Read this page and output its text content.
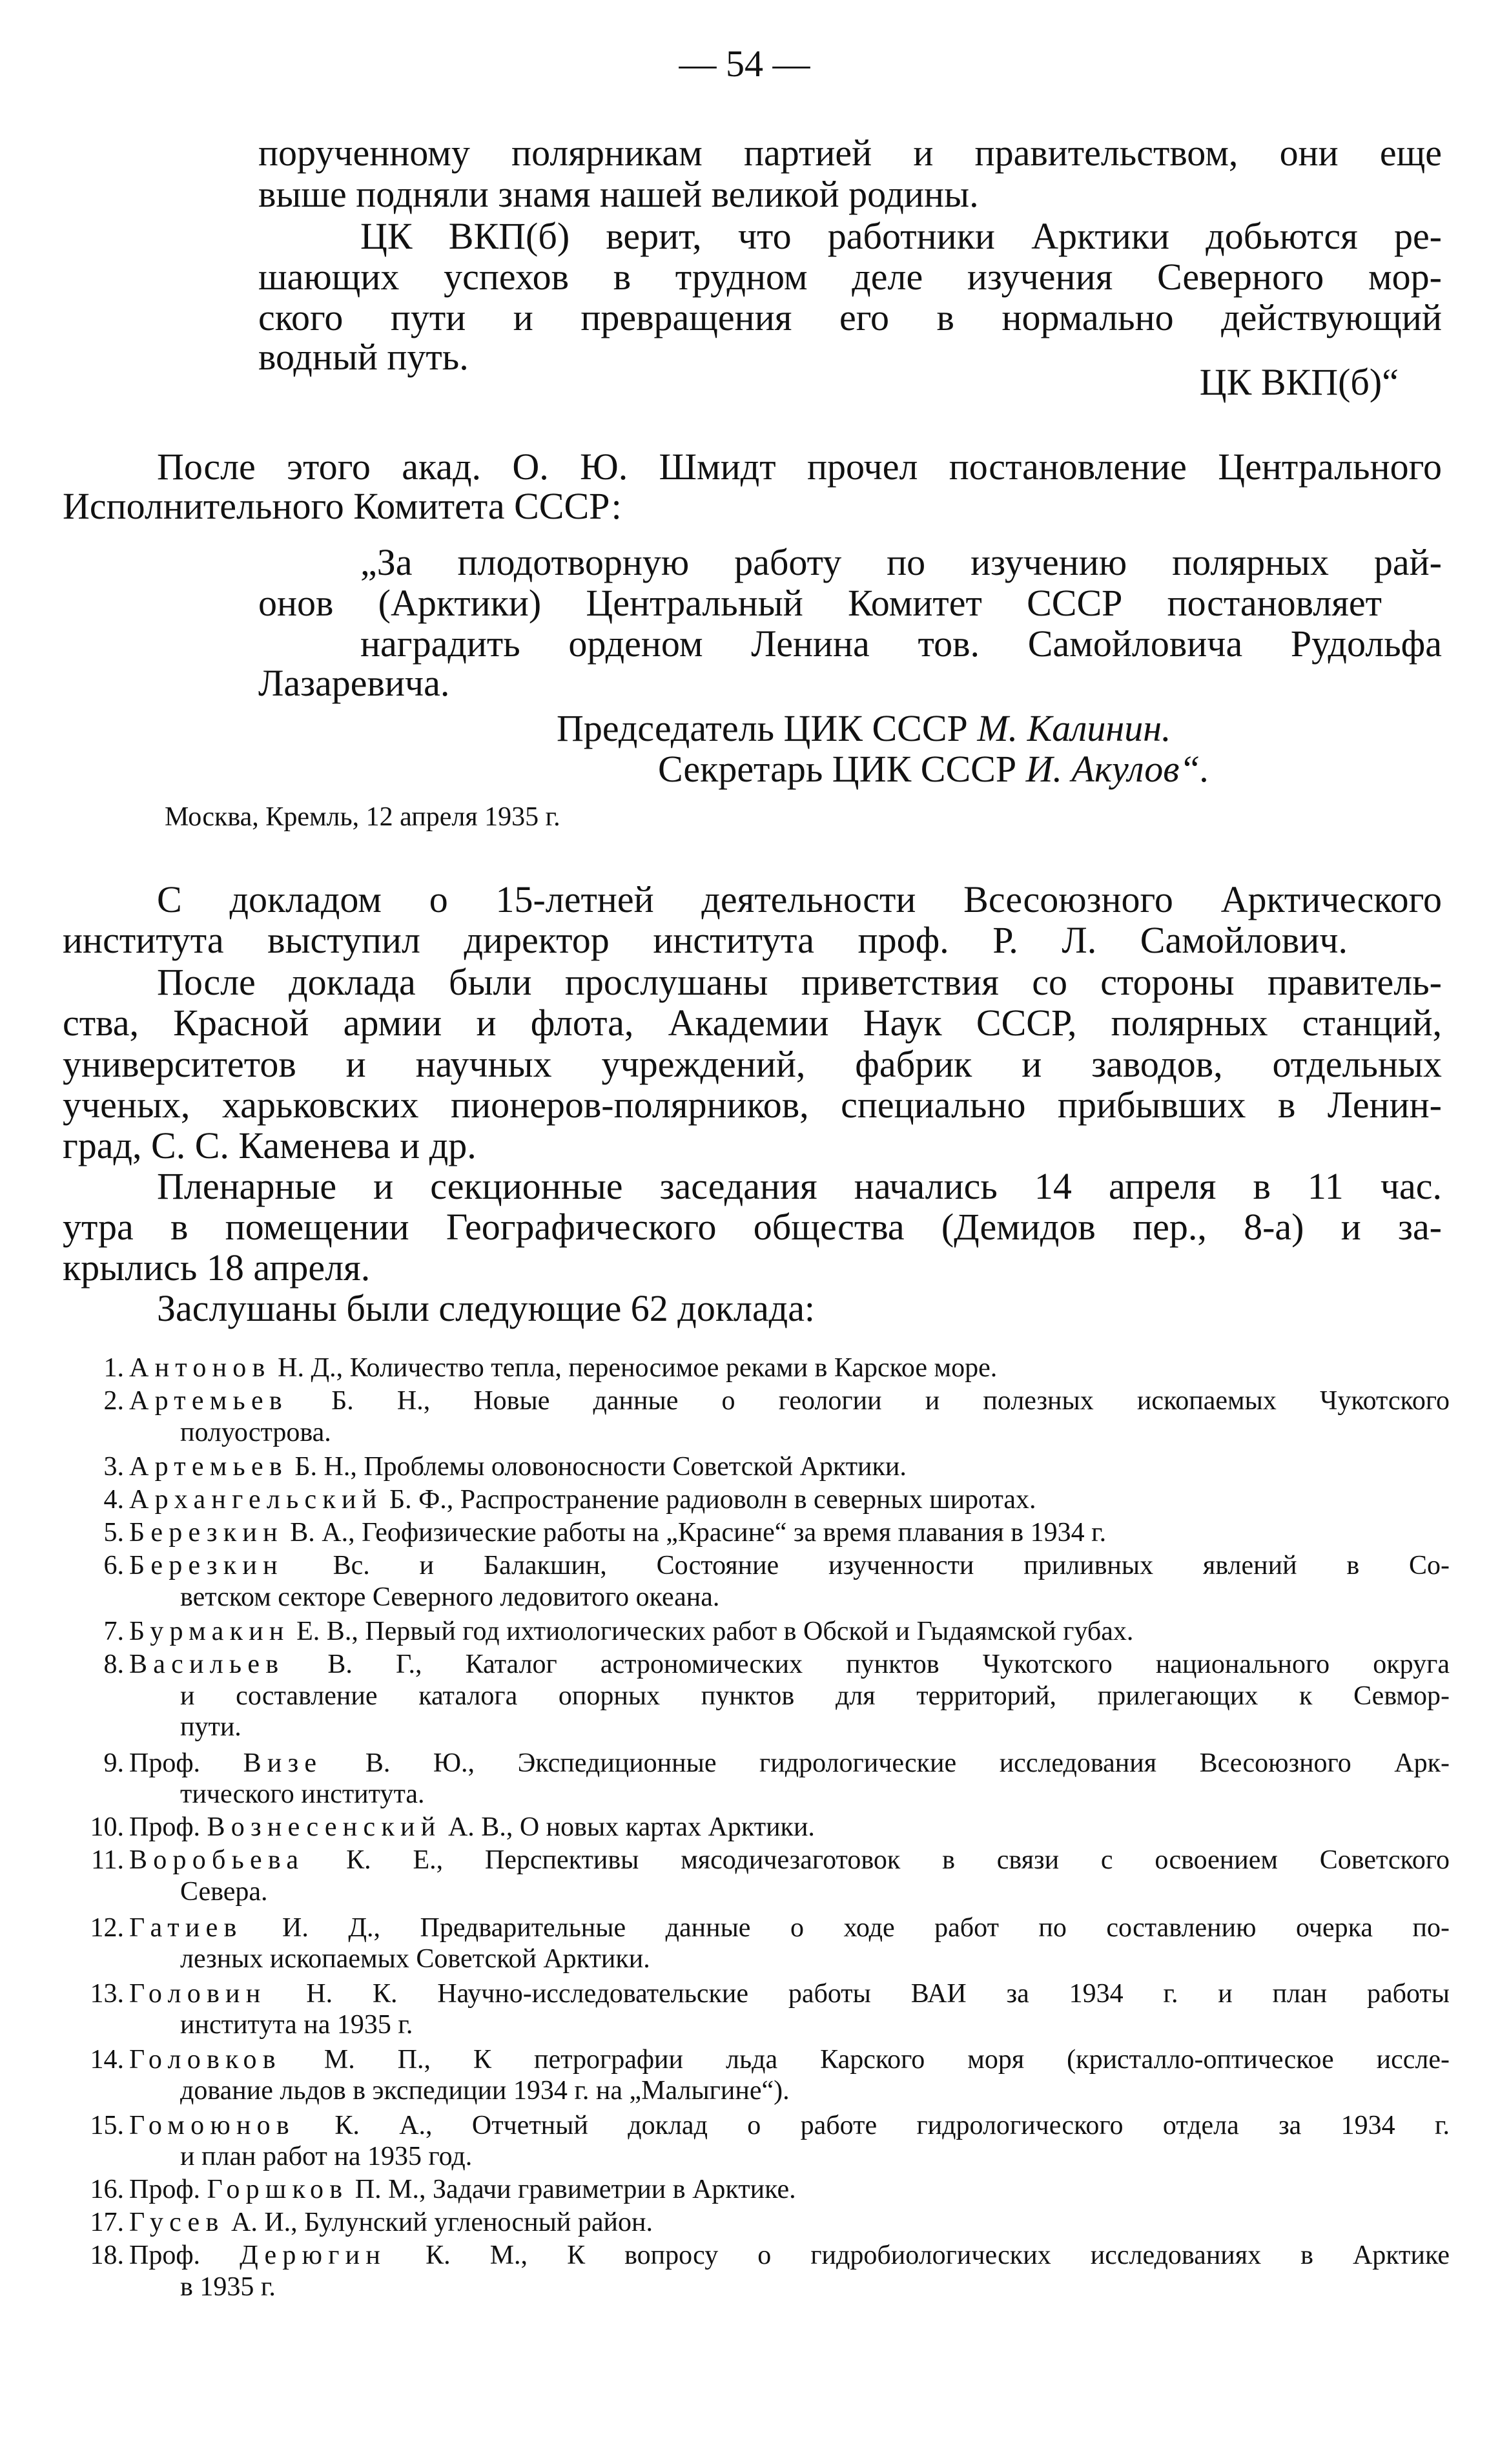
— 54 —
порученному полярникам партией и правительством, они еще
выше подняли знамя нашей великой родины.
ЦК ВКП(б) верит, что работники Арктики добьются ре-
шающих успехов в трудном деле изучения Северного мор-
ского пути и превращения его в нормально действующий
водный путь.
ЦК ВКП(б)“
После этого акад. О. Ю. Шмидт прочел постановление Центрального
Исполнительного Комитета СССР:
„За плодотворную работу по изучению полярных рай-
онов (Арктики) Центральный Комитет СССР постановляет
наградить орденом Ленина тов. Самойловича Рудольфа
Лазаревича.
Председатель ЦИК СССР М. Калинин.
Секретарь ЦИК СССР И. Акулов“.
Москва, Кремль, 12 апреля 1935 г.
С докладом о 15-летней деятельности Всесоюзного Арктического
института выступил директор института проф. Р. Л. Самойлович.
После доклада были прослушаны приветствия со стороны правитель-
ства, Красной армии и флота, Академии Наук СССР, полярных станций,
университетов и научных учреждений, фабрик и заводов, отдельных
ученых, харьковских пионеров-полярников, специально прибывших в Ленин-
град, С. С. Каменева и др.
Пленарные и секционные заседания начались 14 апреля в 11 час.
утра в помещении Географического общества (Демидов пер., 8-а) и за-
крылись 18 апреля.
Заслушаны были следующие 62 доклада:
1. Антонов Н. Д., Количество тепла, переносимое реками в Карское море.
2. Артемьев Б. Н., Новые данные о геологии и полезных ископаемых Чукотского
полуострова.
3. Артемьев Б. Н., Проблемы оловоносности Советской Арктики.
4. Архангельский Б. Ф., Распространение радиоволн в северных широтах.
5. Березкин В. А., Геофизические работы на „Красине“ за время плавания в 1934 г.
6. Березкин Вс. и Балакшин, Состояние изученности приливных явлений в Со-
ветском секторе Северного ледовитого океана.
7. Бурмакин Е. В., Первый год ихтиологических работ в Обской и Гыдаямской губах.
8. Васильев В. Г., Каталог астрономических пунктов Чукотского национального округа
и составление каталога опорных пунктов для территорий, прилегающих к Севмор-
пути.
9. Проф. Визе В. Ю., Экспедиционные гидрологические исследования Всесоюзного Арк-
тического института.
10. Проф. Вознесенский А. В., О новых картах Арктики.
11. Воробьева К. Е., Перспективы мясодичезаготовок в связи с освоением Советского
Севера.
12. Гатиев И. Д., Предварительные данные о ходе работ по составлению очерка по-
лезных ископаемых Советской Арктики.
13. Головин Н. К. Научно-исследовательские работы ВАИ за 1934 г. и план работы
института на 1935 г.
14. Головков М. П., К петрографии льда Карского моря (кристалло-оптическое иссле-
дование льдов в экспедиции 1934 г. на „Малыгине“).
15. Гомоюнов К. А., Отчетный доклад о работе гидрологического отдела за 1934 г.
и план работ на 1935 год.
16. Проф. Горшков П. М., Задачи гравиметрии в Арктике.
17. Гусев А. И., Булунский угленосный район.
18. Проф. Дерюгин К. М., К вопросу о гидробиологических исследованиях в Арктике
в 1935 г.
